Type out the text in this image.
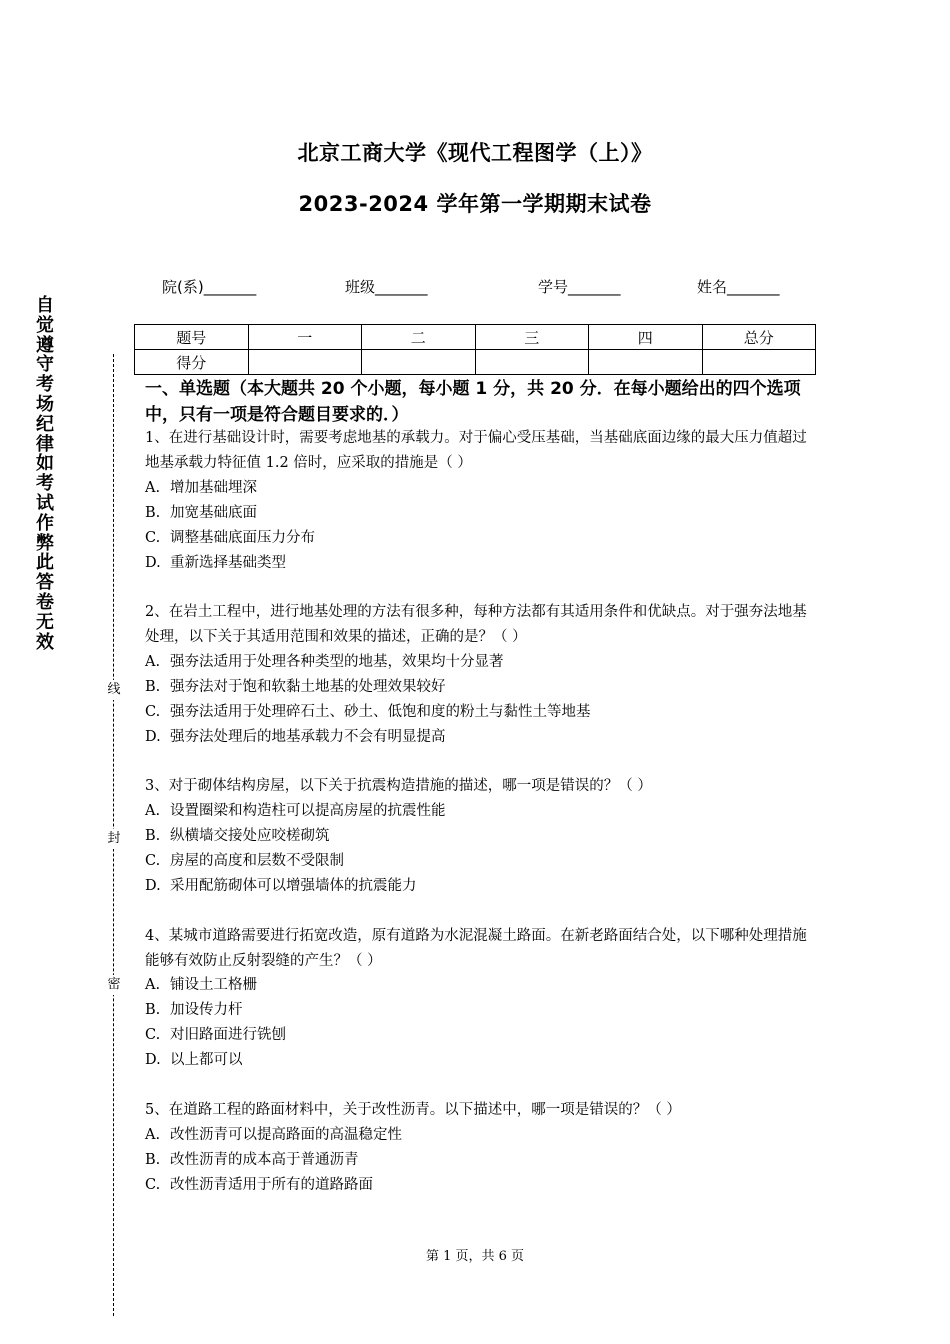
北京工商大学《现代工程图学（上）》
2023-2024 学年第一学期期末试卷
院(系)_______	班级_______	学号_______	姓名_______
题号	一	二	三	四	总分
得分					
自觉遵守考场纪律如考试作弊此答卷无效
线
封
密
一、单选题（本大题共 20 个小题，每小题 1 分，共 20 分．在每小题给出的四个选项中，只有一项是符合题目要求的．）
1、在进行基础设计时，需要考虑地基的承载力。对于偏心受压基础，当基础底面边缘的最大压力值超过地基承载力特征值 1.2 倍时，应采取的措施是（ ）
A. 增加基础埋深
B. 加宽基础底面
C. 调整基础底面压力分布
D. 重新选择基础类型
2、在岩土工程中，进行地基处理的方法有很多种，每种方法都有其适用条件和优缺点。对于强夯法地基处理，以下关于其适用范围和效果的描述，正确的是？（ ）
A. 强夯法适用于处理各种类型的地基，效果均十分显著
B. 强夯法对于饱和软黏土地基的处理效果较好
C. 强夯法适用于处理碎石土、砂土、低饱和度的粉土与黏性土等地基
D. 强夯法处理后的地基承载力不会有明显提高
3、对于砌体结构房屋，以下关于抗震构造措施的描述，哪一项是错误的？（ ）
A. 设置圈梁和构造柱可以提高房屋的抗震性能
B. 纵横墙交接处应咬槎砌筑
C. 房屋的高度和层数不受限制
D. 采用配筋砌体可以增强墙体的抗震能力
4、某城市道路需要进行拓宽改造，原有道路为水泥混凝土路面。在新老路面结合处，以下哪种处理措施能够有效防止反射裂缝的产生？（ ）
A. 铺设土工格栅
B. 加设传力杆
C. 对旧路面进行铣刨
D. 以上都可以
5、在道路工程的路面材料中，关于改性沥青。以下描述中，哪一项是错误的？（ ）
A. 改性沥青可以提高路面的高温稳定性
B. 改性沥青的成本高于普通沥青
C. 改性沥青适用于所有的道路路面
第 1 页，共 6 页
